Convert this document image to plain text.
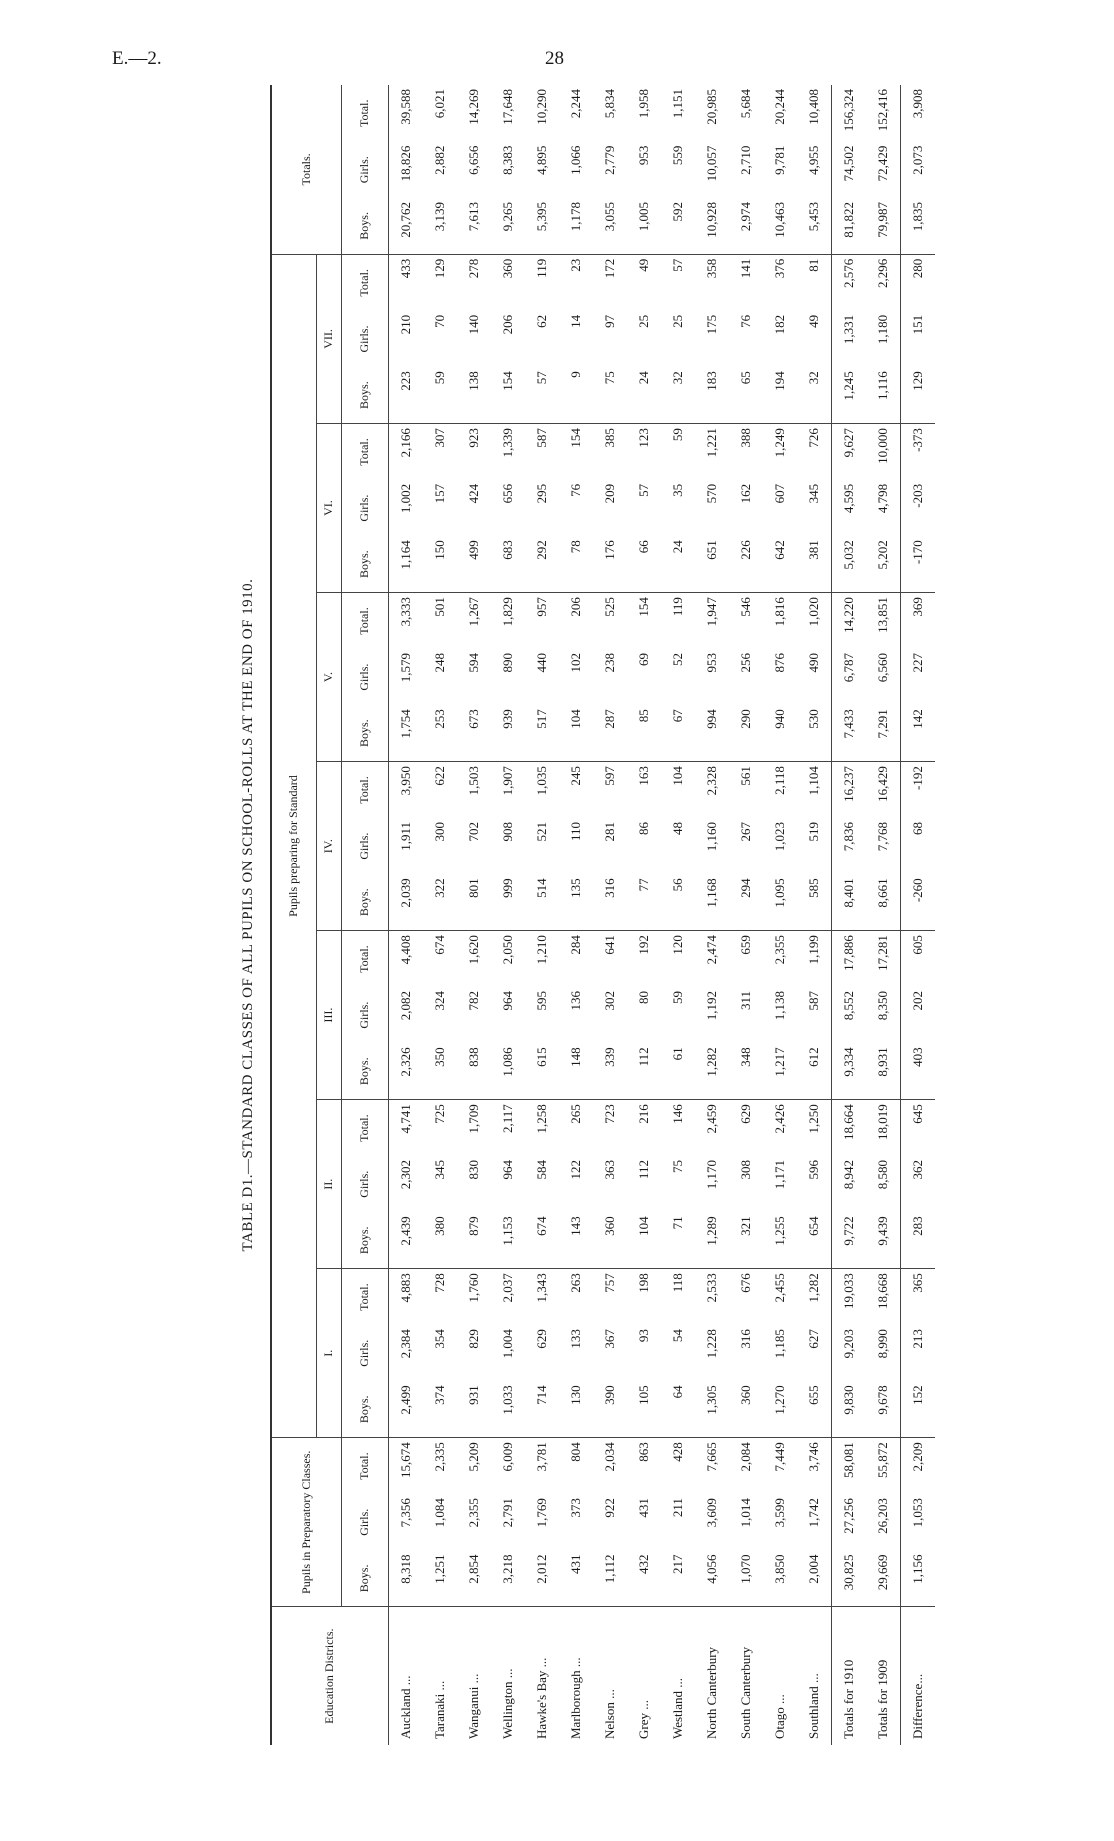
E.—2.	28
TABLE D1.—STANDARD CLASSES OF ALL PUPILS ON SCHOOL-ROLLS AT THE END OF 1910.
Education Districts.	Pupils in Preparatory Classes.			Pupils preparing for Standard																					Totals.		
				I.			II.			III.			IV.			V.			VI.			VII.					
	Boys.	Girls.	Total.	Boys.	Girls.	Total.	Boys.	Girls.	Total.	Boys.	Girls.	Total.	Boys.	Girls.	Total.	Boys.	Girls.	Total.	Boys.	Girls.	Total.	Boys.	Girls.	Total.	Boys.	Girls.	Total.
Auckland ...	8,318	7,356	15,674	2,499	2,384	4,883	2,439	2,302	4,741	2,326	2,082	4,408	2,039	1,911	3,950	1,754	1,579	3,333	1,164	1,002	2,166	223	210	433	20,762	18,826	39,588
Taranaki ...	1,251	1,084	2,335	374	354	728	380	345	725	350	324	674	322	300	622	253	248	501	150	157	307	59	70	129	3,139	2,882	6,021
Wanganui ...	2,854	2,355	5,209	931	829	1,760	879	830	1,709	838	782	1,620	801	702	1,503	673	594	1,267	499	424	923	138	140	278	7,613	6,656	14,269
Wellington ...	3,218	2,791	6,009	1,033	1,004	2,037	1,153	964	2,117	1,086	964	2,050	999	908	1,907	939	890	1,829	683	656	1,339	154	206	360	9,265	8,383	17,648
Hawke's Bay ...	2,012	1,769	3,781	714	629	1,343	674	584	1,258	615	595	1,210	514	521	1,035	517	440	957	292	295	587	57	62	119	5,395	4,895	10,290
Marlborough ...	431	373	804	130	133	263	143	122	265	148	136	284	135	110	245	104	102	206	78	76	154	9	14	23	1,178	1,066	2,244
Nelson ...	1,112	922	2,034	390	367	757	360	363	723	339	302	641	316	281	597	287	238	525	176	209	385	75	97	172	3,055	2,779	5,834
Grey ...	432	431	863	105	93	198	104	112	216	112	80	192	77	86	163	85	69	154	66	57	123	24	25	49	1,005	953	1,958
Westland ...	217	211	428	64	54	118	71	75	146	61	59	120	56	48	104	67	52	119	24	35	59	32	25	57	592	559	1,151
North Canterbury	4,056	3,609	7,665	1,305	1,228	2,533	1,289	1,170	2,459	1,282	1,192	2,474	1,168	1,160	2,328	994	953	1,947	651	570	1,221	183	175	358	10,928	10,057	20,985
South Canterbury	1,070	1,014	2,084	360	316	676	321	308	629	348	311	659	294	267	561	290	256	546	226	162	388	65	76	141	2,974	2,710	5,684
Otago ...	3,850	3,599	7,449	1,270	1,185	2,455	1,255	1,171	2,426	1,217	1,138	2,355	1,095	1,023	2,118	940	876	1,816	642	607	1,249	194	182	376	10,463	9,781	20,244
Southland ...	2,004	1,742	3,746	655	627	1,282	654	596	1,250	612	587	1,199	585	519	1,104	530	490	1,020	381	345	726	32	49	81	5,453	4,955	10,408
Totals for 1910	30,825	27,256	58,081	9,830	9,203	19,033	9,722	8,942	18,664	9,334	8,552	17,886	8,401	7,836	16,237	7,433	6,787	14,220	5,032	4,595	9,627	1,245	1,331	2,576	81,822	74,502	156,324
Totals for 1909	29,669	26,203	55,872	9,678	8,990	18,668	9,439	8,580	18,019	8,931	8,350	17,281	8,661	7,768	16,429	7,291	6,560	13,851	5,202	4,798	10,000	1,116	1,180	2,296	79,987	72,429	152,416
Difference...	1,156	1,053	2,209	152	213	365	283	362	645	403	202	605	-260	68	-192	142	227	369	-170	-203	-373	129	151	280	1,835	2,073	3,908
